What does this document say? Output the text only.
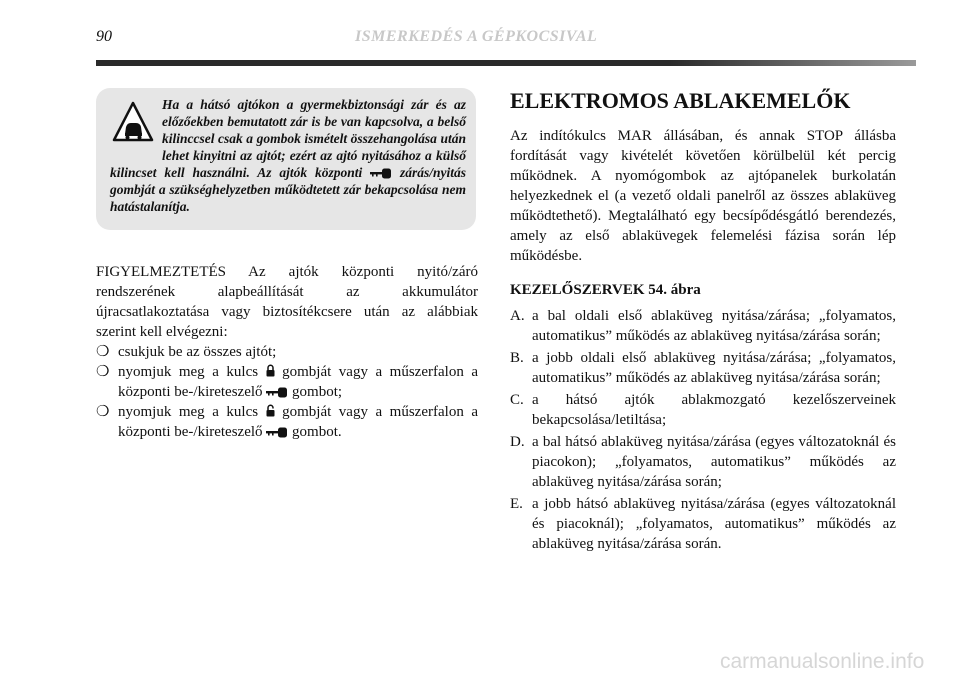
90	ISMERKEDÉS A GÉPKOCSIVAL

Ha a hátsó ajtókon a gyermekbiztonsági zár és az előzőekben bemutatott zár is be van kapcsolva, a belső kilinccsel csak a gombok ismételt összehangolása után lehet kinyitni az ajtót; ezért az ajtó nyitásához a külső kilincset kell használni. Az ajtók központi	zárás/nyitás gombját a szükséghelyzetben működtetett zár bekapcsolása nem hatástalanítja.

FIGYELMEZTETÉS Az ajtók központi nyitó/záró rendszerének alapbeállítását az akkumulátor újracsatlakoztatása vagy biztosítékcsere után az alábbiak szerint kell elvégezni:

❍ csukjuk be az összes ajtót;
❍ nyomjuk meg a kulcs gombját vagy a műszerfalon a központi be-/kireteszelő gombot;
❍ nyomjuk meg a kulcs gombját vagy a műszerfalon a központi be-/kireteszelő gombot.
ELEKTROMOS ABLAKEMELŐK

Az indítókulcs MAR állásában, és annak STOP állásba fordítását vagy kivételét követően körülbelül két percig működnek. A nyomógombok az ajtópanelek burkolatán helyezkednek el (a vezető oldali panelről az összes ablaküveg működtethető). Megtalálható egy becsípődésgátló berendezés, amely az első ablaküvegek felemelési fázisa során lép működésbe.

KEZELŐSZERVEK 54. ábra
A. a bal oldali első ablaküveg nyitása/zárása; „folyamatos, automatikus” működés az ablaküveg nyitása/zárása során;
B. a jobb oldali első ablaküveg nyitása/zárása; „folyamatos, automatikus” működés az ablaküveg nyitása/zárása során;
C. a hátsó ajtók ablakmozgató kezelőszerveinek bekapcsolása/letiltása;
D. a bal hátsó ablaküveg nyitása/zárása (egyes változatoknál és piacokon); „folyamatos, automatikus” működés az ablaküveg nyitása/zárása során;
E. a jobb hátsó ablaküveg nyitása/zárása (egyes változatoknál és piacoknál); „folyamatos, automatikus” működés az ablaküveg nyitása/zárása során.
carmanualsonline.info
